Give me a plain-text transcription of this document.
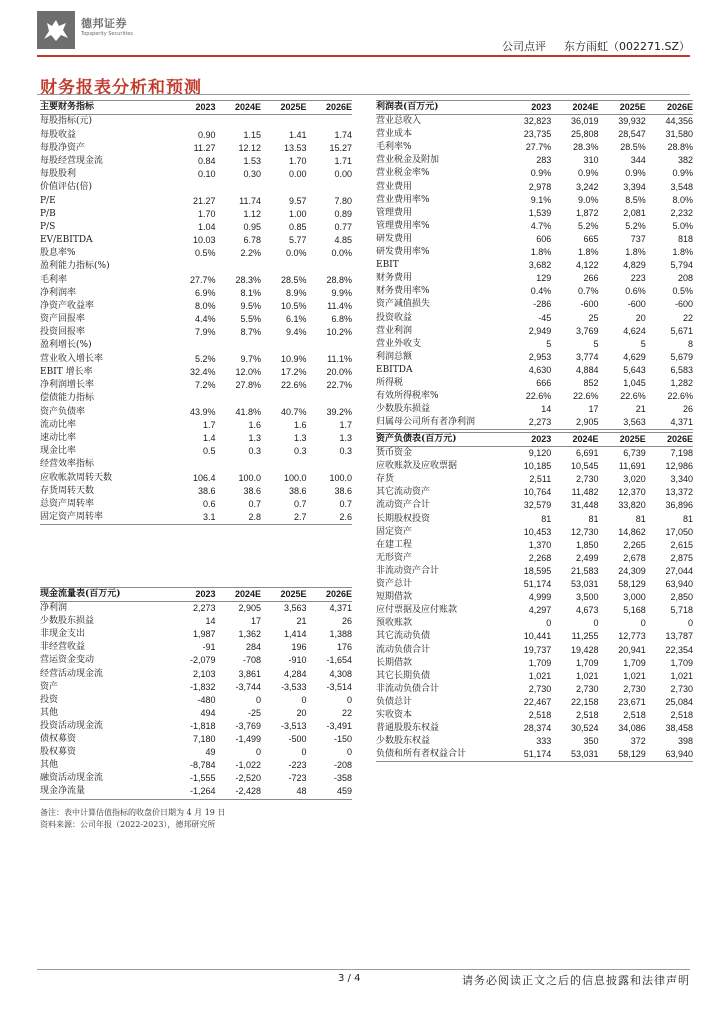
德邦证券
Topsperity Securities
公司点评 东方雨虹（002271.SZ）
财务报表分析和预测
主要财务指标	2023	2024E	2025E	2026E
每股指标(元)				
每股收益	0.90	1.15	1.41	1.74
每股净资产	11.27	12.12	13.53	15.27
每股经营现金流	0.84	1.53	1.70	1.71
每股股利	0.10	0.30	0.00	0.00
价值评估(倍)				
P/E	21.27	11.74	9.57	7.80
P/B	1.70	1.12	1.00	0.89
P/S	1.04	0.95	0.85	0.77
EV/EBITDA	10.03	6.78	5.77	4.85
股息率%	0.5%	2.2%	0.0%	0.0%
盈利能力指标(%)				
毛利率	27.7%	28.3%	28.5%	28.8%
净利润率	6.9%	8.1%	8.9%	9.9%
净资产收益率	8.0%	9.5%	10.5%	11.4%
资产回报率	4.4%	5.5%	6.1%	6.8%
投资回报率	7.9%	8.7%	9.4%	10.2%
盈利增长(%)				
营业收入增长率	5.2%	9.7%	10.9%	11.1%
EBIT 增长率	32.4%	12.0%	17.2%	20.0%
净利润增长率	7.2%	27.8%	22.6%	22.7%
偿债能力指标				
资产负债率	43.9%	41.8%	40.7%	39.2%
流动比率	1.7	1.6	1.6	1.7
速动比率	1.4	1.3	1.3	1.3
现金比率	0.5	0.3	0.3	0.3
经营效率指标				
应收帐款周转天数	106.4	100.0	100.0	100.0
存货周转天数	38.6	38.6	38.6	38.6
总资产周转率	0.6	0.7	0.7	0.7
固定资产周转率	3.1	2.8	2.7	2.6
利润表(百万元)	2023	2024E	2025E	2026E
营业总收入	32,823	36,019	39,932	44,356
营业成本	23,735	25,808	28,547	31,580
毛利率%	27.7%	28.3%	28.5%	28.8%
营业税金及附加	283	310	344	382
营业税金率%	0.9%	0.9%	0.9%	0.9%
营业费用	2,978	3,242	3,394	3,548
营业费用率%	9.1%	9.0%	8.5%	8.0%
管理费用	1,539	1,872	2,081	2,232
管理费用率%	4.7%	5.2%	5.2%	5.0%
研发费用	606	665	737	818
研发费用率%	1.8%	1.8%	1.8%	1.8%
EBIT	3,682	4,122	4,829	5,794
财务费用	129	266	223	208
财务费用率%	0.4%	0.7%	0.6%	0.5%
资产减值损失	-286	-600	-600	-600
投资收益	-45	25	20	22
营业利润	2,949	3,769	4,624	5,671
营业外收支	5	5	5	8
利润总额	2,953	3,774	4,629	5,679
EBITDA	4,630	4,884	5,643	6,583
所得税	666	852	1,045	1,282
有效所得税率%	22.6%	22.6%	22.6%	22.6%
少数股东损益	14	17	21	26
归属母公司所有者净利润	2,273	2,905	3,563	4,371
资产负债表(百万元)	2023	2024E	2025E	2026E
货币资金	9,120	6,691	6,739	7,198
应收账款及应收票据	10,185	10,545	11,691	12,986
存货	2,511	2,730	3,020	3,340
其它流动资产	10,764	11,482	12,370	13,372
流动资产合计	32,579	31,448	33,820	36,896
长期股权投资	81	81	81	81
固定资产	10,453	12,730	14,862	17,050
在建工程	1,370	1,850	2,265	2,615
无形资产	2,268	2,499	2,678	2,875
非流动资产合计	18,595	21,583	24,309	27,044
资产总计	51,174	53,031	58,129	63,940
短期借款	4,999	3,500	3,000	2,850
应付票据及应付账款	4,297	4,673	5,168	5,718
预收账款	0	0	0	0
其它流动负债	10,441	11,255	12,773	13,787
流动负债合计	19,737	19,428	20,941	22,354
长期借款	1,709	1,709	1,709	1,709
其它长期负债	1,021	1,021	1,021	1,021
非流动负债合计	2,730	2,730	2,730	2,730
负债总计	22,467	22,158	23,671	25,084
实收资本	2,518	2,518	2,518	2,518
普通股股东权益	28,374	30,524	34,086	38,458
少数股东权益	333	350	372	398
负债和所有者权益合计	51,174	53,031	58,129	63,940
现金流量表(百万元)	2023	2024E	2025E	2026E
净利润	2,273	2,905	3,563	4,371
少数股东损益	14	17	21	26
非现金支出	1,987	1,362	1,414	1,388
非经营收益	-91	284	196	176
营运资金变动	-2,079	-708	-910	-1,654
经营活动现金流	2,103	3,861	4,284	4,308
资产	-1,832	-3,744	-3,533	-3,514
投资	-480	0	0	0
其他	494	-25	20	22
投资活动现金流	-1,818	-3,769	-3,513	-3,491
债权募资	7,180	-1,499	-500	-150
股权募资	49	0	0	0
其他	-8,784	-1,022	-223	-208
融资活动现金流	-1,555	-2,520	-723	-358
现金净流量	-1,264	-2,428	48	459
备注：表中计算估值指标的收盘价日期为 4 月 19 日
资料来源：公司年报（2022-2023），德邦研究所
3 / 4	请务必阅读正文之后的信息披露和法律声明
